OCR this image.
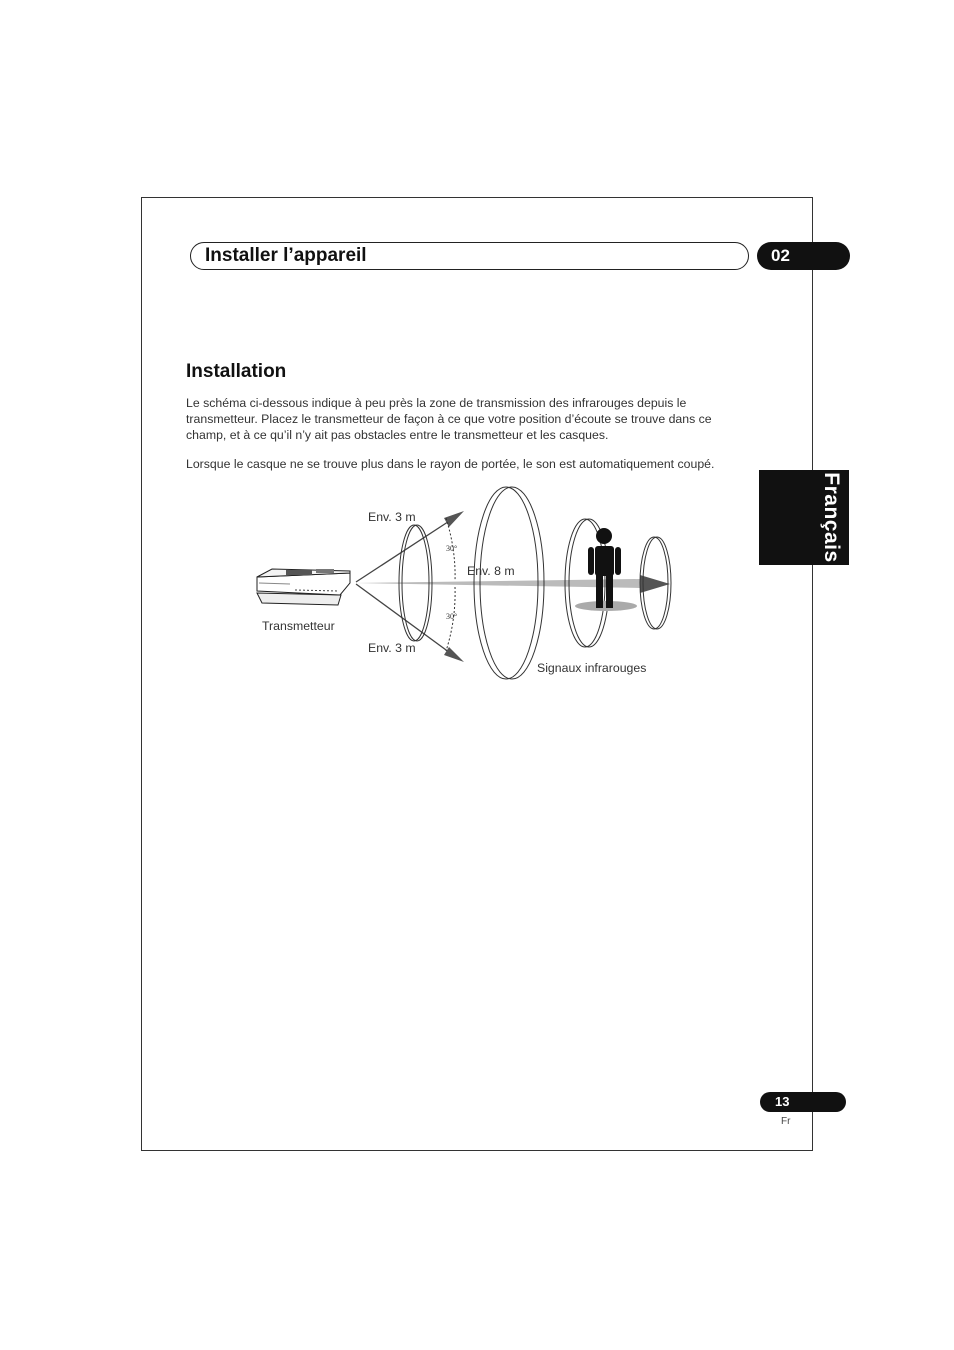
Installer l’appareil	02
Français
Installation

Le schéma ci-dessous indique à peu près la zone de transmission des infrarouges depuis le transmetteur. Placez le transmetteur de façon à ce que votre position d’écoute se trouve dans ce champ, et à ce qu’il n’y ait pas obstacles entre le transmetteur et les casques.

Lorsque le casque ne se trouve plus dans le rayon de portée, le son est automatiquement coupé.

Env. 3 m
Env. 8 m
Env. 3 m
Transmetteur
Signaux infrarouges
30°
30°
13
Fr
